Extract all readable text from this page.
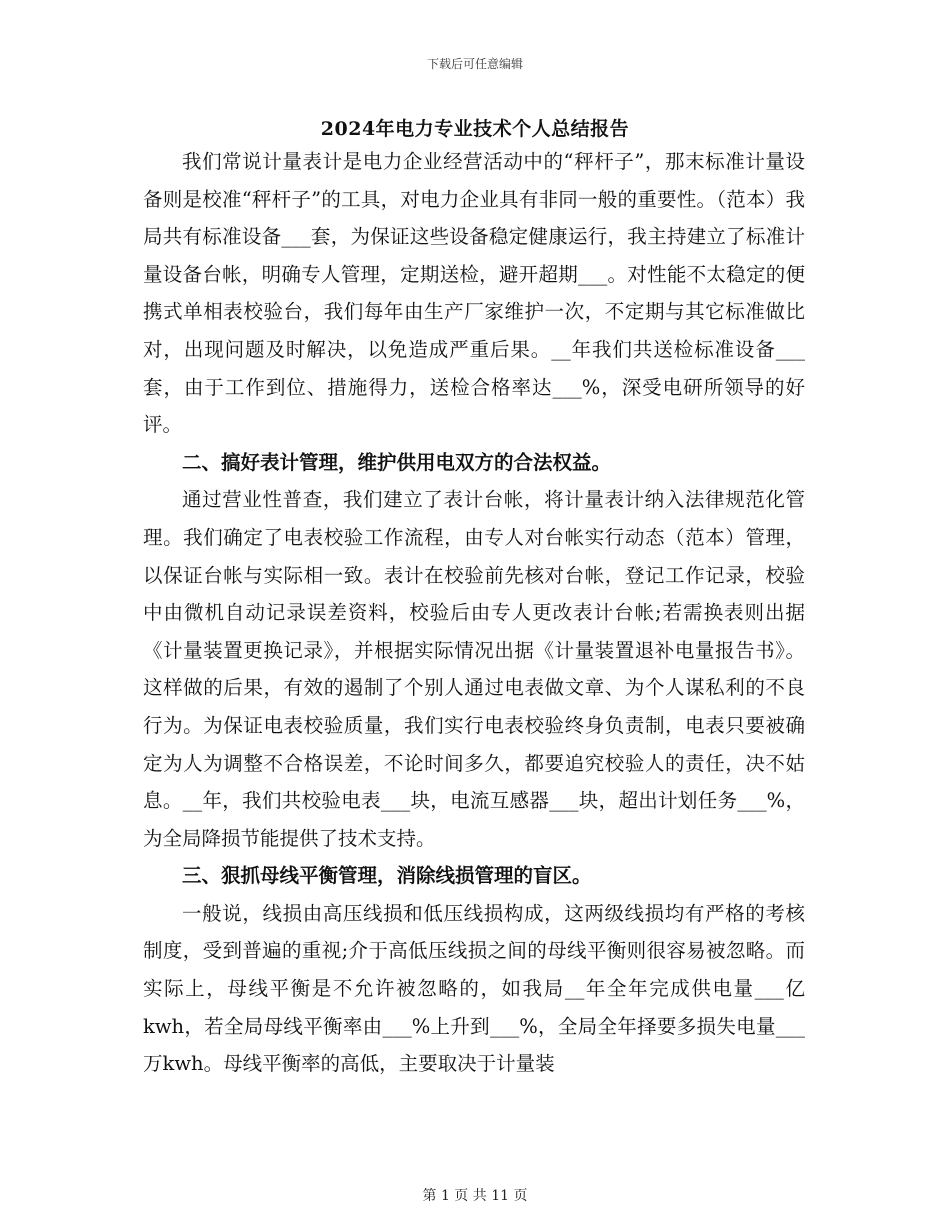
下载后可任意编辑
2024年电力专业技术个人总结报告

我们常说计量表计是电力企业经营活动中的“秤杆子”，那末标准计量设备则是校准“秤杆子”的工具，对电力企业具有非同一般的重要性。（范本）我局共有标准设备___套，为保证这些设备稳定健康运行，我主持建立了标准计量设备台帐，明确专人管理，定期送检，避开超期___。对性能不太稳定的便携式单相表校验台，我们每年由生产厂家维护一次，不定期与其它标准做比对，出现问题及时解决，以免造成严重后果。__年我们共送检标准设备___套，由于工作到位、措施得力，送检合格率达___%，深受电研所领导的好评。

二、搞好表计管理，维护供用电双方的合法权益。

通过营业性普查，我们建立了表计台帐，将计量表计纳入法律规范化管理。我们确定了电表校验工作流程，由专人对台帐实行动态（范本）管理，以保证台帐与实际相一致。表计在校验前先核对台帐，登记工作记录，校验中由微机自动记录误差资料，校验后由专人更改表计台帐;若需换表则出据《计量装置更换记录》，并根据实际情况出据《计量装置退补电量报告书》。这样做的后果，有效的遏制了个别人通过电表做文章、为个人谋私利的不良行为。为保证电表校验质量，我们实行电表校验终身负责制，电表只要被确定为人为调整不合格误差，不论时间多久，都要追究校验人的责任，决不姑息。__年，我们共校验电表___块，电流互感器___块，超出计划任务___%，为全局降损节能提供了技术支持。

三、狠抓母线平衡管理，消除线损管理的盲区。

一般说，线损由高压线损和低压线损构成，这两级线损均有严格的考核制度，受到普遍的重视;介于高低压线损之间的母线平衡则很容易被忽略。而实际上，母线平衡是不允许被忽略的，如我局__年全年完成供电量___亿kwh，若全局母线平衡率由___%上升到___%，全局全年择要多损失电量___万kwh。母线平衡率的高低，主要取决于计量装

第 1 页 共 11 页
